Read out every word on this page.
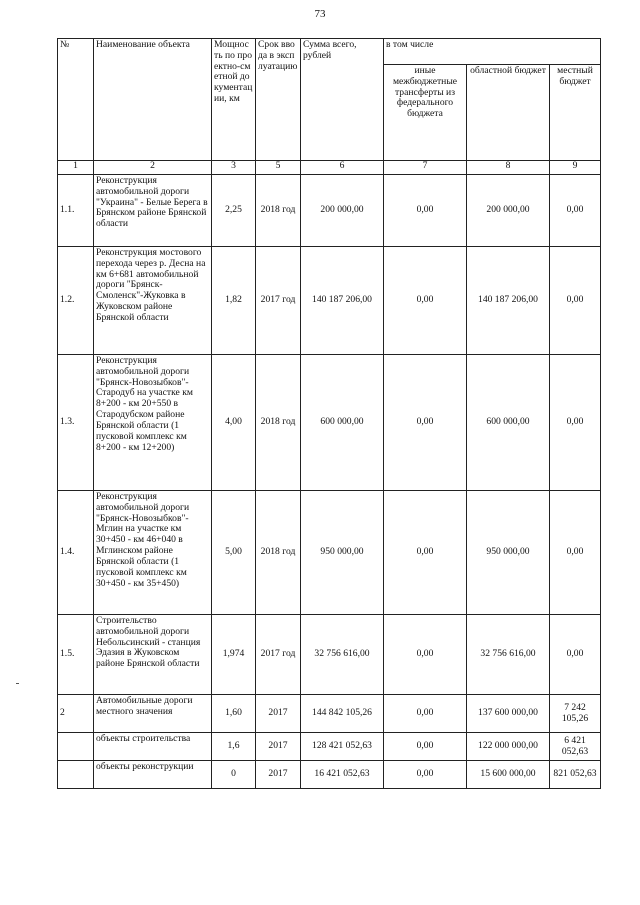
73
№	Наименование объекта	Мощность по проектно-сметной документации, км	Срок ввода в эксплуатацию	Сумма всего, рублей	в том числе		
					иные межбюджетные трансферты из федерального бюджета	областной бюджет	местный бюджет
1	2	3	5	6	7	8	9
1.1.	Реконструкция автомобильной дороги "Украина" - Белые Берега в Брянском районе Брянской области	2,25	2018 год	200 000,00	0,00	200 000,00	0,00
1.2.	Реконструкция мостового перехода через р. Десна на км 6+681 автомобильной дороги "Брянск-Смоленск"-Жуковка в Жуковском районе Брянской области	1,82	2017 год	140 187 206,00	0,00	140 187 206,00	0,00
1.3.	Реконструкция автомобильной дороги "Брянск-Новозыбков"-Стародуб на участке км 8+200 - км 20+550 в Стародубском районе Брянской области (1 пусковой комплекс км 8+200 - км 12+200)	4,00	2018 год	600 000,00	0,00	600 000,00	0,00
1.4.	Реконструкция автомобильной дороги "Брянск-Новозыбков"-Мглин на участке км 30+450 - км 46+040 в Мглинском районе Брянской области (1 пусковой комплекс км 30+450 - км 35+450)	5,00	2018 год	950 000,00	0,00	950 000,00	0,00
1.5.	Строительство автомобильной дороги Небольсинский - станция Эдазия в Жуковском районе Брянской области	1,974	2017 год	32 756 616,00	0,00	32 756 616,00	0,00
2	Автомобильные дороги местного значения	1,60	2017	144 842 105,26	0,00	137 600 000,00	7 242 105,26
	объекты строительства	1,6	2017	128 421 052,63	0,00	122 000 000,00	6 421 052,63
	объекты реконструкции	0	2017	16 421 052,63	0,00	15 600 000,00	821 052,63
